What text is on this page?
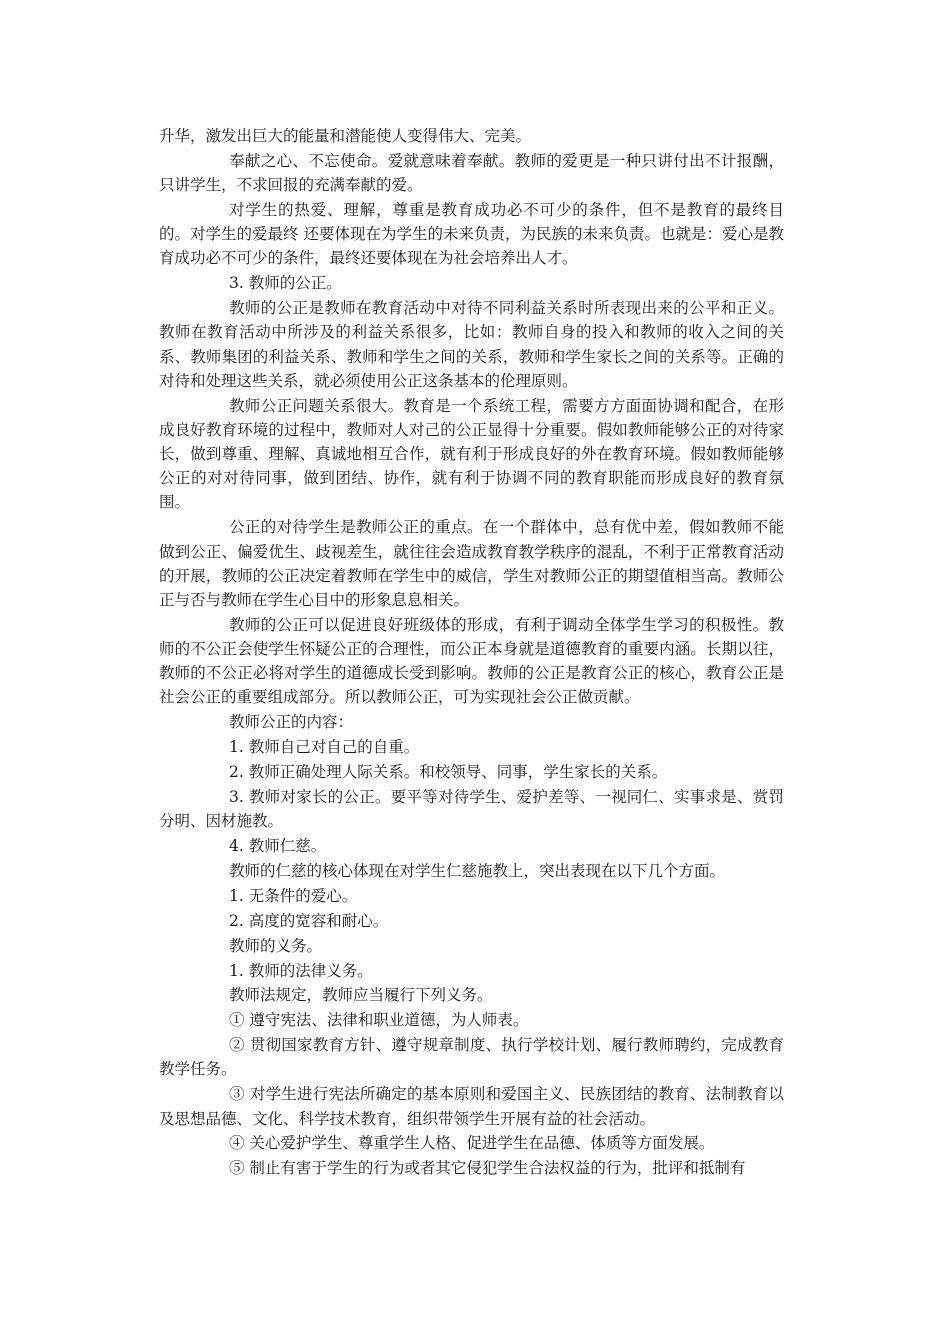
升华，激发出巨大的能量和潜能使人变得伟大、完美。

奉献之心、不忘使命。爱就意味着奉献。教师的爱更是一种只讲付出不计报酬，只讲学生，不求回报的充满奉献的爱。

对学生的热爱、理解，尊重是教育成功必不可少的条件，但不是教育的最终目的。对学生的爱最终 还要体现在为学生的未来负责，为民族的未来负责。也就是：爱心是教育成功必不可少的条件，最终还要体现在为社会培养出人才。

3. 教师的公正。

教师的公正是教师在教育活动中对待不同利益关系时所表现出来的公平和正义。教师在教育活动中所涉及的利益关系很多，比如：教师自身的投入和教师的收入之间的关系、教师集团的利益关系、教师和学生之间的关系，教师和学生家长之间的关系等。正确的对待和处理这些关系，就必须使用公正这条基本的伦理原则。

教师公正问题关系很大。教育是一个系统工程，需要方方面面协调和配合，在形成良好教育环境的过程中，教师对人对己的公正显得十分重要。假如教师能够公正的对待家长，做到尊重、理解、真诚地相互合作，就有利于形成良好的外在教育环境。假如教师能够公正的对对待同事，做到团结、协作，就有利于协调不同的教育职能而形成良好的教育氛围。

公正的对待学生是教师公正的重点。在一个群体中，总有优中差，假如教师不能做到公正、偏爱优生、歧视差生，就往往会造成教育教学秩序的混乱，不利于正常教育活动的开展，教师的公正决定着教师在学生中的威信，学生对教师公正的期望值相当高。教师公正与否与教师在学生心目中的形象息息相关。

教师的公正可以促进良好班级体的形成，有利于调动全体学生学习的积极性。教师的不公正会使学生怀疑公正的合理性，而公正本身就是道德教育的重要内涵。长期以往，教师的不公正必将对学生的道德成长受到影响。教师的公正是教育公正的核心，教育公正是社会公正的重要组成部分。所以教师公正，可为实现社会公正做贡献。

教师公正的内容：

1. 教师自己对自己的自重。

2. 教师正确处理人际关系。和校领导、同事，学生家长的关系。

3. 教师对家长的公正。要平等对待学生、爱护差等、一视同仁、实事求是、赏罚分明、因材施教。

4. 教师仁慈。

教师的仁慈的核心体现在对学生仁慈施教上，突出表现在以下几个方面。

1. 无条件的爱心。

2. 高度的宽容和耐心。

教师的义务。

1. 教师的法律义务。

教师法规定，教师应当履行下列义务。

① 遵守宪法、法律和职业道德，为人师表。

② 贯彻国家教育方针、遵守规章制度、执行学校计划、履行教师聘约，完成教育教学任务。

③ 对学生进行宪法所确定的基本原则和爱国主义、民族团结的教育、法制教育以及思想品德、文化、科学技术教育，组织带领学生开展有益的社会活动。

④ 关心爱护学生、尊重学生人格、促进学生在品德、体质等方面发展。

⑤ 制止有害于学生的行为或者其它侵犯学生合法权益的行为，批评和抵制有
